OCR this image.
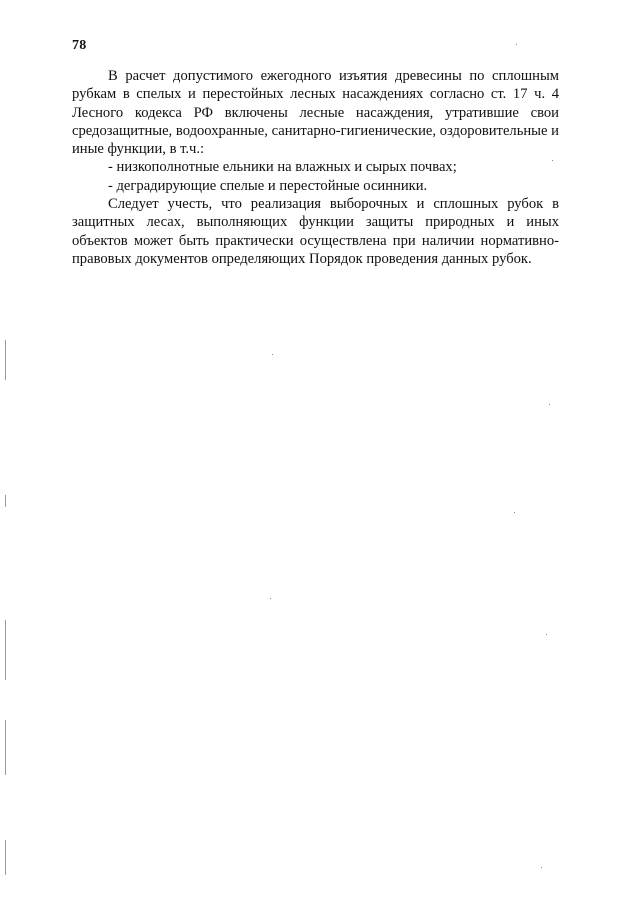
78

В расчет допустимого ежегодного изъятия древесины по сплошным рубкам в спелых и перестойных лесных насаждениях согласно ст. 17 ч. 4 Лесного кодекса РФ включены лесные насаждения, утратившие свои средозащитные, водоохранные, санитарно-гигиенические, оздоровительные и иные функции, в т.ч.:

- низкополнотные ельники на влажных и сырых почвах;

- деградирующие спелые и перестойные осинники.

Следует учесть, что реализация выборочных и сплошных рубок в защитных лесах, выполняющих функции защиты природных и иных объектов может быть практически осуществлена при наличии нормативно-правовых документов определяющих Порядок проведения данных рубок.
